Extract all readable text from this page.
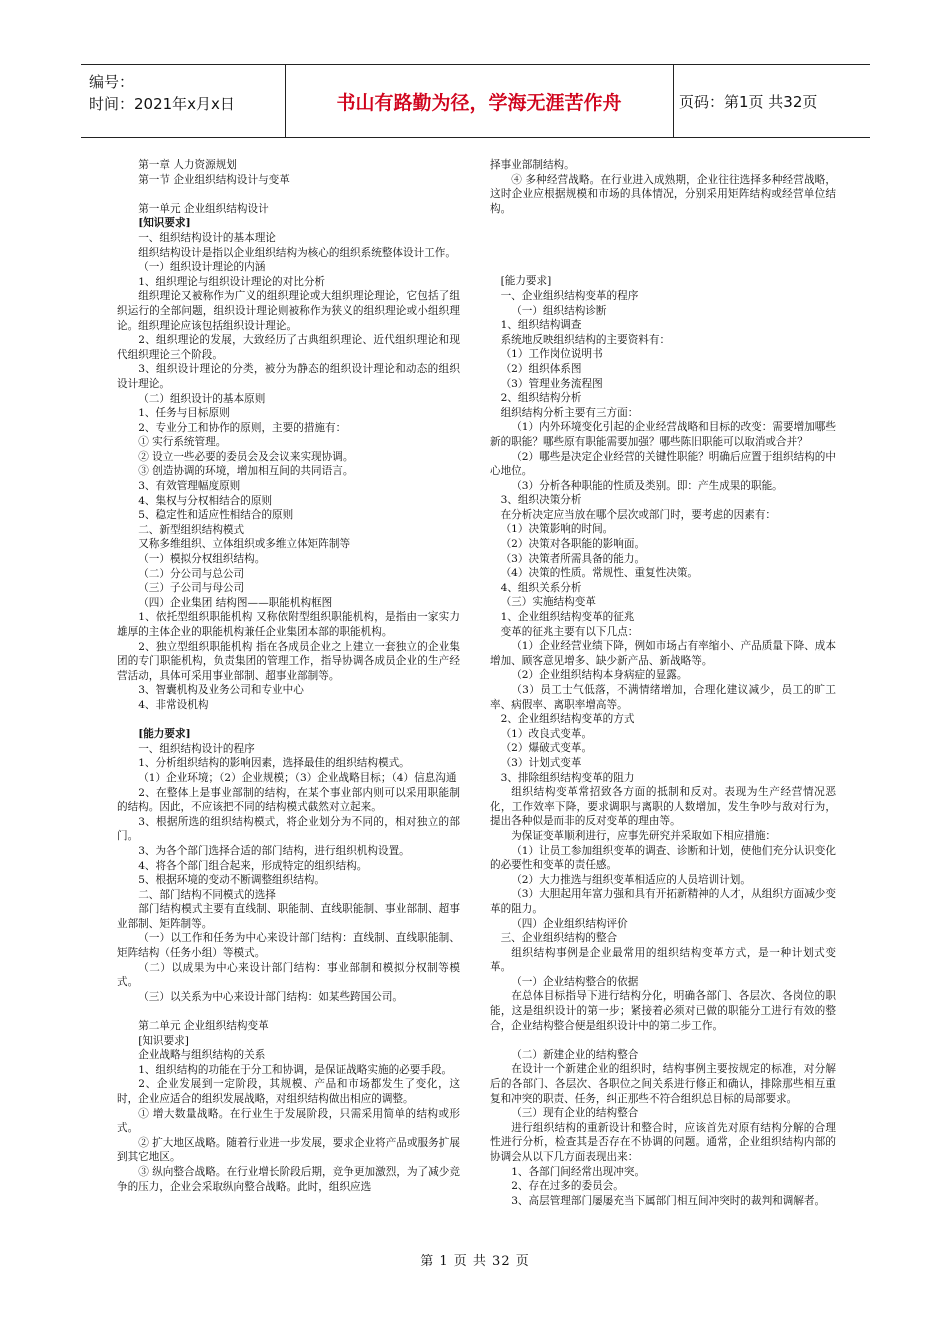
编号：
时间：2021年x月x日	书山有路勤为径，学海无涯苦作舟	页码：第1页 共32页

第一章 人力资源规划

第一节 企业组织结构设计与变革

第一单元 企业组织结构设计

[知识要求]

一、组织结构设计的基本理论

组织结构设计是指以企业组织结构为核心的组织系统整体设计工作。

（一）组织设计理论的内涵

1、组织理论与组织设计理论的对比分析

组织理论又被称作为广义的组织理论或大组织理论理论，它包括了组织运行的全部问题，组织设计理论则被称作为狭义的组织理论或小组织理论。组织理论应该包括组织设计理论。

2、组织理论的发展，大致经历了古典组织理论、近代组织理论和现代组织理论三个阶段。

3、组织设计理论的分类，被分为静态的组织设计理论和动态的组织设计理论。

（二）组织设计的基本原则

1、任务与目标原则

2、专业分工和协作的原则，主要的措施有：

① 实行系统管理。

② 设立一些必要的委员会及会议来实现协调。

③ 创造协调的环境，增加相互间的共同语言。

3、有效管理幅度原则

4、集权与分权相结合的原则

5、稳定性和适应性相结合的原则

二、新型组织结构模式

又称多维组织、立体组织或多维立体矩阵制等

（一）模拟分权组织结构。

（二）分公司与总公司

（三）子公司与母公司

（四）企业集团 结构图——职能机构框图

1、依托型组织职能机构 又称依附型组织职能机构，是指由一家实力雄厚的主体企业的职能机构兼任企业集团本部的职能机构。

2、独立型组织职能机构 指在各成员企业之上建立一套独立的企业集团的专门职能机构，负责集团的管理工作，指导协调各成员企业的生产经营活动，具体可采用事业部制、超事业部制等。

3、智囊机构及业务公司和专业中心

4、非常设机构

[能力要求]

一、组织结构设计的程序

1、分析组织结构的影响因素，选择最佳的组织结构模式。

（1）企业环境；（2）企业规模；（3）企业战略目标；（4）信息沟通

2、在整体上是事业部制的结构，在某个事业部内则可以采用职能制的结构。因此，不应该把不同的结构模式截然对立起来。

3、根据所选的组织结构模式，将企业划分为不同的，相对独立的部门。

3、为各个部门选择合适的部门结构，进行组织机构设置。

4、将各个部门组合起来，形成特定的组织结构。

5、根据环境的变动不断调整组织结构。

二、部门结构不同模式的选择

部门结构模式主要有直线制、职能制、直线职能制、事业部制、超事业部制、矩阵制等。

（一）以工作和任务为中心来设计部门结构：直线制、直线职能制、矩阵结构（任务小组）等模式。

（二）以成果为中心来设计部门结构：事业部制和模拟分权制等模式。

（三）以关系为中心来设计部门结构：如某些跨国公司。

第二单元 企业组织结构变革

[知识要求]

企业战略与组织结构的关系

1、组织结构的功能在于分工和协调，是保证战略实施的必要手段。

2、企业发展到一定阶段，其规模、产品和市场都发生了变化，这时，企业应适合的组织发展战略，对组织结构做出相应的调整。

① 增大数量战略。在行业生于发展阶段，只需采用简单的结构或形式。

② 扩大地区战略。随着行业进一步发展，要求企业将产品或服务扩展到其它地区。

③ 纵向整合战略。在行业增长阶段后期，竞争更加激烈，为了减少竞争的压力，企业会采取纵向整合战略。此时，组织应选

择事业部制结构。

④ 多种经营战略。在行业进入成熟期，企业往往选择多种经营战略，这时企业应根据规模和市场的具体情况，分别采用矩阵结构或经营单位结构。

[能力要求]

一、企业组织结构变革的程序

（一）组织结构诊断

1、组织结构调查

系统地反映组织结构的主要资料有：

（1）工作岗位说明书

（2）组织体系图

（3）管理业务流程图

2、组织结构分析

组织结构分析主要有三方面：

（1）内外环境变化引起的企业经营战略和目标的改变：需要增加哪些新的职能？哪些原有职能需要加强？哪些陈旧职能可以取消或合并？

（2）哪些是决定企业经营的关键性职能？明确后应置于组织结构的中心地位。

（3）分析各种职能的性质及类别。即：产生成果的职能。

3、组织决策分析

在分析决定应当放在哪个层次或部门时，要考虑的因素有：

（1）决策影响的时间。

（2）决策对各职能的影响面。

（3）决策者所需具备的能力。

（4）决策的性质。常规性、重复性决策。

4、组织关系分析

（三）实施结构变革

1、企业组织结构变革的征兆

变革的征兆主要有以下几点：

（1）企业经营业绩下降，例如市场占有率缩小、产品质量下降、成本增加、顾客意见增多、缺少新产品、新战略等。

（2）企业组织结构本身病症的显露。

（3）员工士气低落，不满情绪增加，合理化建议减少，员工的旷工率、病假率、离职率增高等。

2、企业组织结构变革的方式

（1）改良式变革。

（2）爆破式变革。

（3）计划式变革

3、排除组织结构变革的阻力

组织结构变革常招致各方面的抵制和反对。表现为生产经营情况恶化，工作效率下降，要求调职与离职的人数增加，发生争吵与敌对行为，提出各种似是而非的反对变革的理由等。

为保证变革顺利进行，应事先研究并采取如下相应措施：

（1）让员工参加组织变革的调查、诊断和计划，使他们充分认识变化的必要性和变革的责任感。

（2）大力推选与组织变革相适应的人员培训计划。

（3）大胆起用年富力强和具有开拓新精神的人才，从组织方面减少变革的阻力。

（四）企业组织结构评价

三、企业组织结构的整合

组织结构事例是企业最常用的组织结构变革方式，是一种计划式变革。

（一）企业结构整合的依据

在总体目标指导下进行结构分化，明确各部门、各层次、各岗位的职能，这是组织设计的第一步；紧接着必须对已做的职能分工进行有效的整合，企业结构整合便是组织设计中的第二步工作。

（二）新建企业的结构整合

在设计一个新建企业的组织时，结构事例主要按规定的标准，对分解后的各部门、各层次、各职位之间关系进行修正和确认，排除那些相互重复和冲突的职责、任务，纠正那些不符合组织总目标的局部要求。

（三）现有企业的结构整合

进行组织结构的重新设计和整合时，应该首先对原有结构分解的合理性进行分析，检查其是否存在不协调的问题。通常，企业组织结构内部的协调会从以下几方面表现出来：

1、各部门间经常出现冲突。

2、存在过多的委员会。

3、高层管理部门屡屡充当下属部门相互间冲突时的裁判和调解者。

第 1 页 共 32 页
